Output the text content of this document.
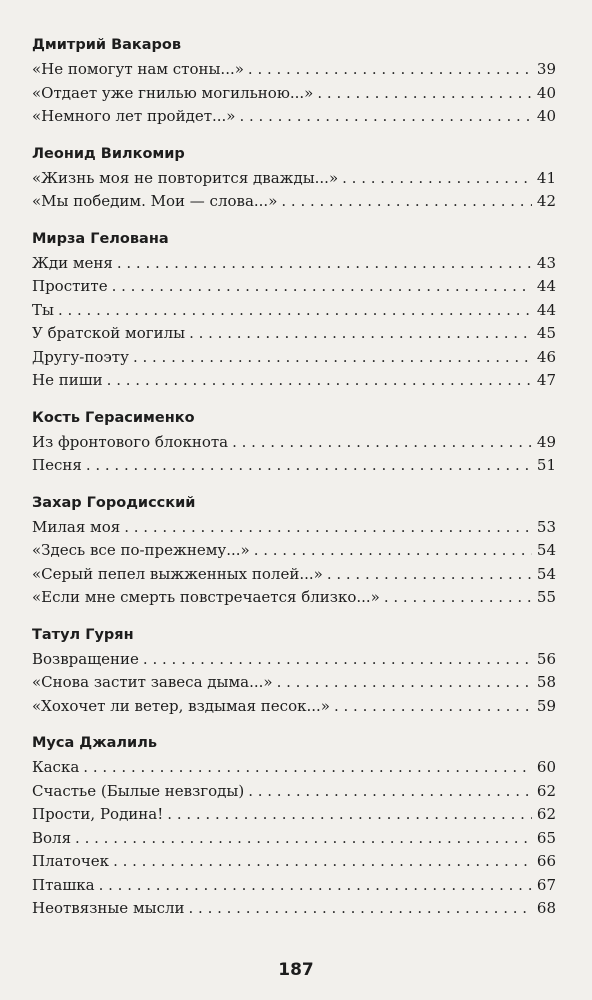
Дмитрий Вакаров
«Не помогут нам стоны...» . . .	39
«Отдает уже гнилью могильною...» . . .	40
«Немного лет пройдет...» . . .	40
Леонид Вилкомир
«Жизнь моя не повторится дважды...» . . .	41
«Мы победим. Мои — слова...» . . .	42
Мирза Гелована
Жди меня . . .	43
Простите . . .	44
Ты . . .	44
У братской могилы . . .	45
Другу-поэту . . .	46
Не пиши . . .	47
Кость Герасименко
Из фронтового блокнота . . .	49
Песня . . .	51
Захар Городисский
Милая моя . . .	53
«Здесь все по-прежнему...» . . .	54
«Серый пепел выжженных полей...» . . .	54
«Если мне смерть повстречается близко...» . . .	55
Татул Гурян
Возвращение . . .	56
«Снова застит завеса дыма...» . . .	58
«Хохочет ли ветер, вздымая песок...» . . .	59
Муса Джалиль
Каска . . .	60
Счастье (Былые невзгоды) . . .	62
Прости, Родина! . . .	62
Воля . . .	65
Платочек . . .	66
Пташка . . .	67
Неотвязные мысли . . .	68
187
